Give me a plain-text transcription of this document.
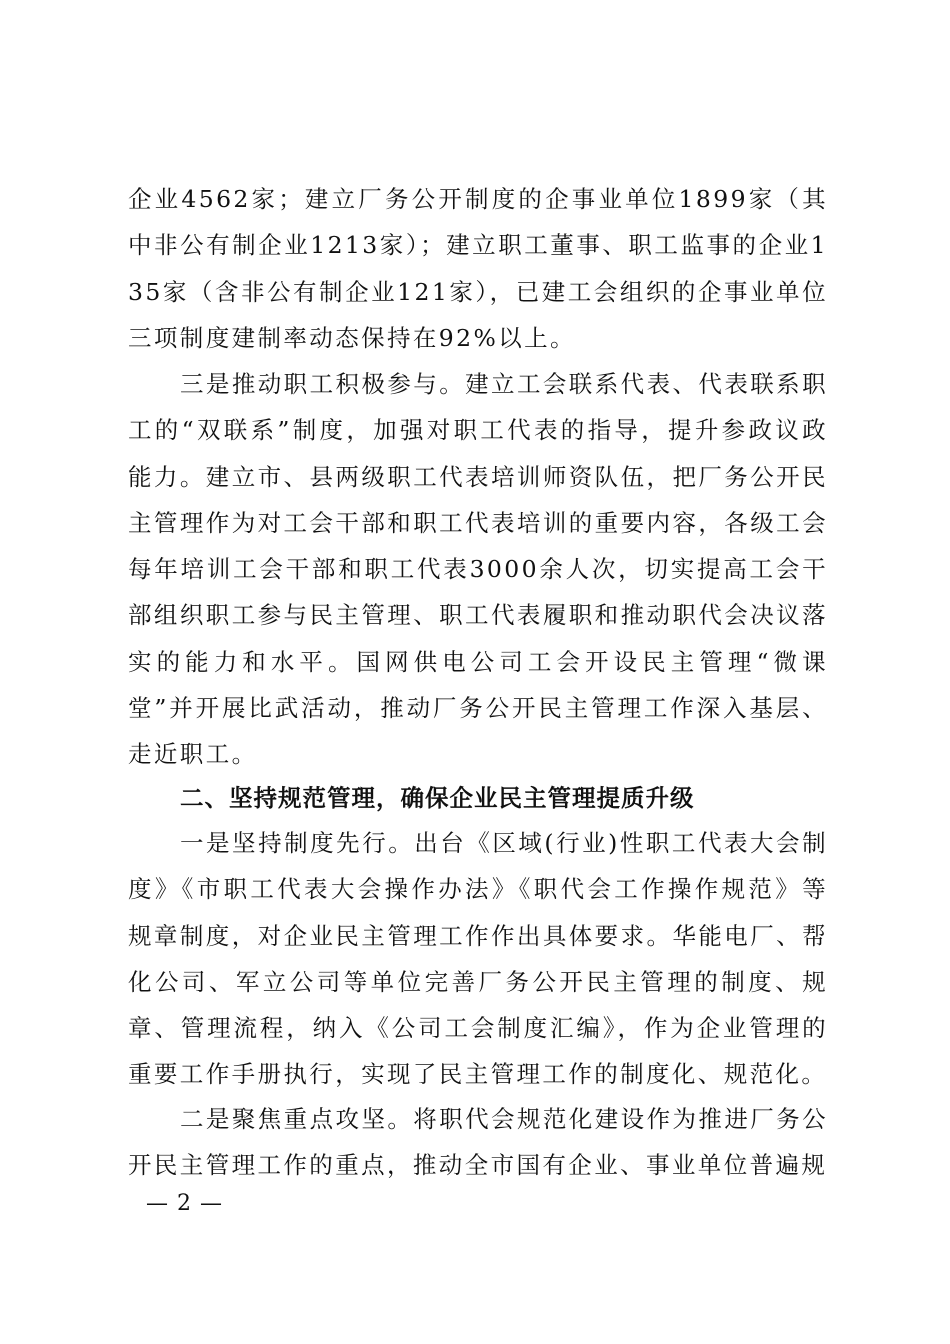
企业4562家；建立厂务公开制度的企事业单位1899家（其中非公有制企业1213家）；建立职工董事、职工监事的企业135家（含非公有制企业121家），已建工会组织的企事业单位三项制度建制率动态保持在92%以上。

三是推动职工积极参与。建立工会联系代表、代表联系职工的“双联系”制度，加强对职工代表的指导，提升参政议政能力。建立市、县两级职工代表培训师资队伍，把厂务公开民主管理作为对工会干部和职工代表培训的重要内容，各级工会每年培训工会干部和职工代表3000余人次，切实提高工会干部组织职工参与民主管理、职工代表履职和推动职代会决议落实的能力和水平。国网供电公司工会开设民主管理“微课堂”并开展比武活动，推动厂务公开民主管理工作深入基层、走近职工。

二、坚持规范管理，确保企业民主管理提质升级

一是坚持制度先行。出台《区域(行业)性职工代表大会制度》《市职工代表大会操作办法》《职代会工作操作规范》等规章制度，对企业民主管理工作作出具体要求。华能电厂、帮化公司、军立公司等单位完善厂务公开民主管理的制度、规章、管理流程，纳入《公司工会制度汇编》，作为企业管理的重要工作手册执行，实现了民主管理工作的制度化、规范化。

二是聚焦重点攻坚。将职代会规范化建设作为推进厂务公开民主管理工作的重点，推动全市国有企业、事业单位普遍规

— 2 —
